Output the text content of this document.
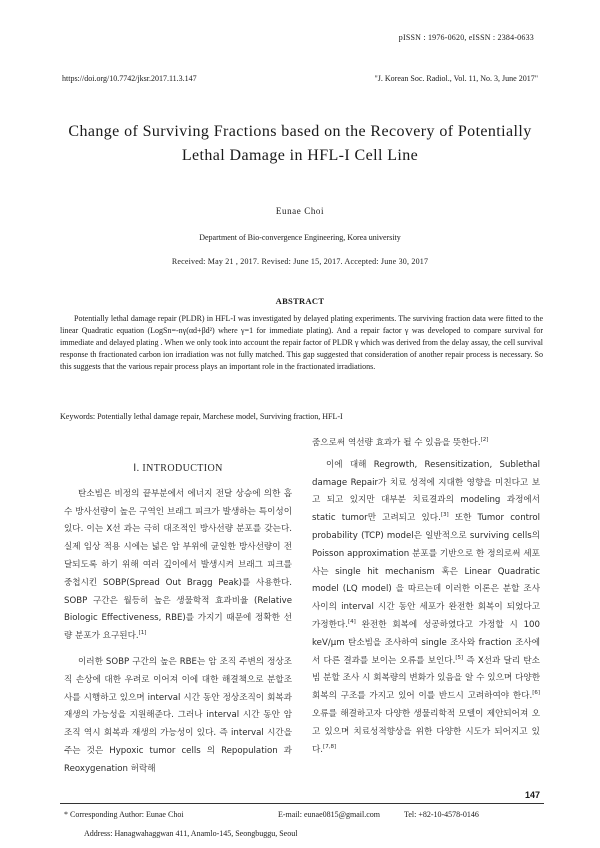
pISSN : 1976-0620, eISSN : 2384-0633
https://doi.org/10.7742/jksr.2017.11.3.147	"J. Korean Soc. Radiol., Vol. 11, No. 3, June 2017"
Change of Surviving Fractions based on the Recovery of Potentially
Lethal Damage in HFL-I Cell Line
Eunae Choi
Department of Bio-convergence Engineering, Korea university
Received: May 21 , 2017. Revised: June 15, 2017. Accepted: June 30, 2017
ABSTRACT
Potentially lethal damage repair (PLDR) in HFL-I was investigated by delayed plating experiments. The surviving fraction data were fitted to the linear Quadratic equation (LogSn=-nγ(αd+βd²) where γ=1 for immediate plating). And a repair factor γ was developed to compare survival for immediate and delayed plating . When we only took into account the repair factor of PLDR γ which was derived from the delay assay, the cell survival response th fractionated carbon ion irradiation was not fully matched. This gap suggested that consideration of another repair process is necessary. So this suggests that the various repair process plays an important role in the fractionated irradiations.
Keywords: Potentially lethal damage repair, Marchese model, Surviving fraction, HFL-I

Ⅰ. INTRODUCTION

탄소빔은 비정의 끝부분에서 에너지 전달 상승에 의한 흡수 방사선량이 높은 구역인 브래그 피크가 발생하는 특이성이 있다. 이는 X선 과는 극히 대조적인 방사선량 분포를 갖는다. 실제 임상 적용 시에는 넓은 암 부위에 균일한 방사선량이 전달되도록 하기 위해 여러 깊이에서 발생시켜 브래그 피크를 중첩시킨 SOBP(Spread Out Bragg Peak)를 사용한다. SOBP 구간은 월등히 높은 생물학적 효과비율 (Relative Biologic Effectiveness, RBE)를 가지기 때문에 정확한 선량 분포가 요구된다.[1]

이러한 SOBP 구간의 높은 RBE는 암 조직 주변의 정상조직 손상에 대한 우려로 이어져 이에 대한 해결책으로 분할조사를 시행하고 있으며 interval 시간 동안 정상조직이 회복과 재생의 가능성을 지원해준다. 그러나 interval 시간 동안 암 조직 역시 회복과 재생의 가능성이 있다. 즉 interval 시간을 주는 것은 Hypoxic tumor cells 의 Repopulation 과 Reoxygenation 허락해

줌으로써 역선량 효과가 될 수 있음을 뜻한다.[2]

이에 대해 Regrowth, Resensitization, Sublethal damage Repair가 치료 성적에 지대한 영향을 미친다고 보고 되고 있지만 대부분 치료결과의 modeling 과정에서 static tumor만 고려되고 있다.[3] 또한 Tumor control probability (TCP) model은 일반적으로 surviving cells의 Poisson approximation 분포를 기반으로 한 정의로써 세포사는 single hit mechanism 혹은 Linear Quadratic model (LQ model) 을 따르는데 이러한 이론은 분할 조사 사이의 interval 시간 동안 세포가 완전한 회복이 되었다고 가정한다.[4] 완전한 회복에 성공하였다고 가정할 시 100 keV/μm 탄소빔을 조사하여 single 조사와 fraction 조사에서 다른 결과를 보이는 오류를 보인다.[5] 즉 X선과 달리 탄소빔 분할 조사 시 회복량의 변화가 있음을 알 수 있으며 다양한 회복의 구조를 가지고 있어 이를 반드시 고려하여야 한다.[6] 오류를 해결하고자 다양한 생물리학적 모델이 제안되어져 오고 있으며 치료성적향상을 위한 다양한 시도가 되어지고 있다.[7,8]

147
* Corresponding Author: Eunae Choi	E-mail: eunae0815@gmail.com	Tel: +82-10-4578-0146
Address: Hanagwahaggwan 411, Anamlo-145, Seongbuggu, Seoul
